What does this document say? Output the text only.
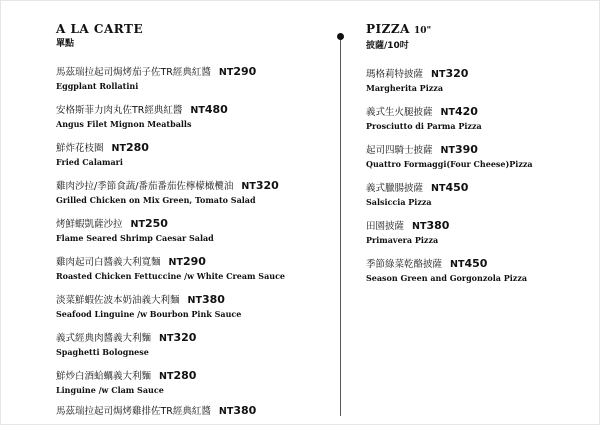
A LA CARTE
單點
馬茲瑞拉起司焗烤茄子佐TR經典紅醬 NT290
Eggplant Rollatini
安格斯菲力肉丸佐TR經典紅醬 NT480
Angus Filet Mignon Meatballs
鮮炸花枝圈 NT280
Fried Calamari
雞肉沙拉/季節食蔬/番茄番茄佐檸檬橄欖油 NT320
Grilled Chicken on Mix Green, Tomato Salad
烤鮮蝦凱薩沙拉 NT250
Flame Seared Shrimp Caesar Salad
雞肉起司白醬義大利寬麵 NT290
Roasted Chicken Fettuccine /w White Cream Sauce
淡菜鮮蝦佐波本奶油義大利麵 NT380
Seafood Linguine /w Bourbon Pink Sauce
義式經典肉醬義大利麵 NT320
Spaghetti Bolognese
鮮炒白酒蛤蠣義大利麵 NT280
Linguine /w Clam Sauce
馬茲瑞拉起司焗烤雞排佐TR經典紅醬 NT380
PIZZA 10"
披薩/10吋
瑪格莉特披薩 NT320
Margherita Pizza
義式生火腿披薩 NT420
Prosciutto di Parma Pizza
起司四騎士披薩 NT390
Quattro Formaggi(Four Cheese)Pizza
義式臘腸披薩 NT450
Salsiccia Pizza
田園披薩 NT380
Primavera Pizza
季節綠菜乾酪披薩 NT450
Season Green and Gorgonzola Pizza
